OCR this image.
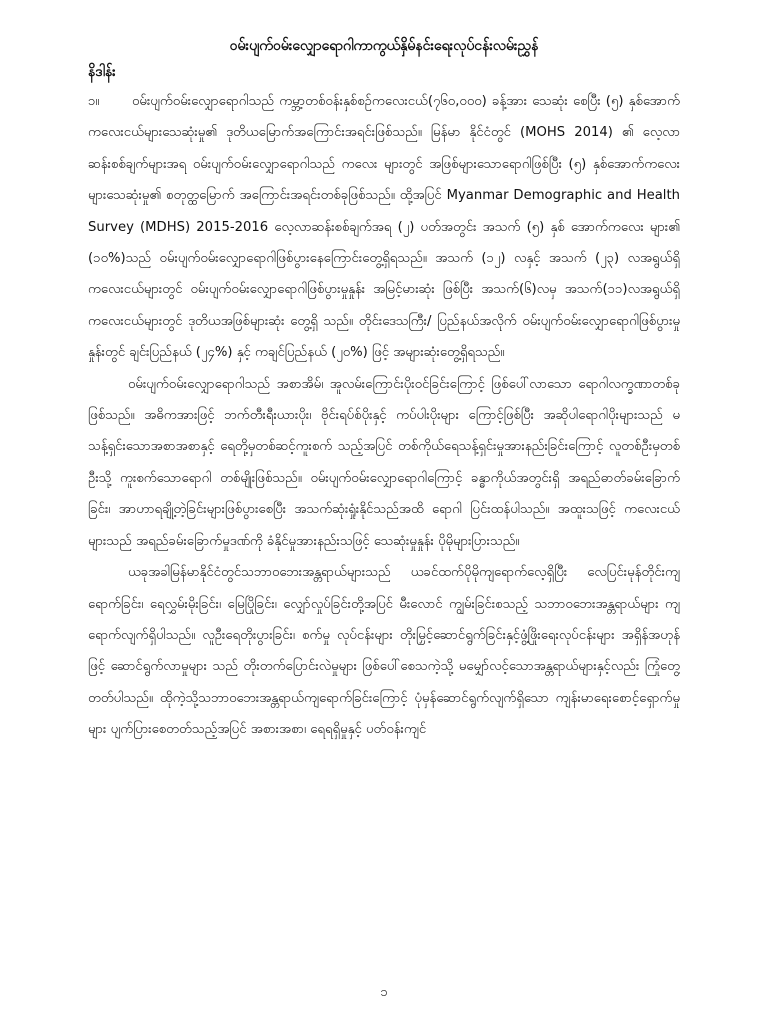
ဝမ်းပျက်ဝမ်းလျှောရောဂါကာကွယ်နှိမ်နင်းရေးလုပ်ငန်းလမ်းညွှန်
နိဒါန်း

၁။ ဝမ်းပျက်ဝမ်းလျှောရောဂါသည် ကမ္ဘာ့တစ်ဝန်းနှစ်စဉ်ကလေးငယ်(၇၆၀,၀၀၀) ခန့်အား သေဆုံး စေပြီး (၅) နှစ်အောက်ကလေးငယ်များသေဆုံးမှု၏ ဒုတိယမြောက်အကြောင်းအရင်းဖြစ်သည်။ မြန်မာ နိုင်ငံတွင် (MOHS 2014) ၏ လေ့လာဆန်းစစ်ချက်များအရ ဝမ်းပျက်ဝမ်းလျှောရောဂါသည် ကလေး များတွင် အဖြစ်များသောရောဂါဖြစ်ပြီး (၅) နှစ်အောက်ကလေးများသေဆုံးမှု၏ စတုတ္ထမြောက် အကြောင်းအရင်းတစ်ခုဖြစ်သည်။ ထို့အပြင် Myanmar Demographic and Health Survey (MDHS) 2015-2016 လေ့လာဆန်းစစ်ချက်အရ (၂) ပတ်အတွင်း အသက် (၅) နှစ် အောက်ကလေး များ၏ (၁၀%)သည် ဝမ်းပျက်ဝမ်းလျှောရောဂါဖြစ်ပွားနေကြောင်းတွေ့ရှိရသည်။ အသက် (၁၂) လနှင့် အသက် (၂၃) လအရွယ်ရှိကလေးငယ်များတွင် ဝမ်းပျက်ဝမ်းလျှောရောဂါဖြစ်ပွားမှုနှုန်း အမြင့်မားဆုံး ဖြစ်ပြီး အသက်(၆)လမှ အသက်(၁၁)လအရွယ်ရှိကလေးငယ်များတွင် ဒုတိယအဖြစ်များဆုံး တွေ့ရှိ သည်။ တိုင်းဒေသကြီး/ ပြည်နယ်အလိုက် ဝမ်းပျက်ဝမ်းလျှောရောဂါဖြစ်ပွားမှုနှုန်းတွင် ချင်းပြည်နယ် (၂၄%) နှင့် ကချင်ပြည်နယ် (၂၀%) ဖြင့် အများဆုံးတွေ့ရှိရသည်။

ဝမ်းပျက်ဝမ်းလျှောရောဂါသည် အစာအိမ်၊ အူလမ်းကြောင်းပိုးဝင်ခြင်းကြောင့် ဖြစ်ပေါ်လာသော ရောဂါလက္ခဏာတစ်ခုဖြစ်သည်။ အဓိကအားဖြင့် ဘက်တီးရီးယားပိုး၊ ဗိုင်းရပ်စ်ပိုးနှင့် ကပ်ပါးပိုးများ ကြောင့်ဖြစ်ပြီး အဆိုပါရောဂါပိုးများသည် မသန့်ရှင်းသောအစာအစာနှင့် ရေတို့မှတစ်ဆင့်ကူးစက် သည့်အပြင် တစ်ကိုယ်ရေသန့်ရှင်းမှုအားနည်းခြင်းကြောင့် လူတစ်ဦးမှတစ်ဦးသို့ ကူးစက်သောရောဂါ တစ်မျိုးဖြစ်သည်။ ဝမ်းပျက်ဝမ်းလျှောရောဂါကြောင့် ခန္ဓာကိုယ်အတွင်းရှိ အရည်ဓာတ်ခမ်းခြောက် ခြင်း၊ အာဟာရချို့တဲ့ခြင်းများဖြစ်ပွားစေပြီး အသက်ဆုံးရှုံးနိုင်သည်အထိ ရောဂါ ပြင်းထန်ပါသည်။ အထူးသဖြင့် ကလေးငယ်များသည် အရည်ခမ်းခြောက်မှုဒဏ်ကို ခံနိုင်မှုအားနည်းသဖြင့် သေဆုံးမှုနှုန်း ပိုမိုများပြားသည်။

ယခုအခါမြန်မာနိုင်ငံတွင်သဘာဝဘေးအန္တရာယ်များသည် ယခင်ထက်ပိုမိုကျရောက်လေ့ရှိပြီး လေပြင်းမုန်တိုင်းကျရောက်ခြင်း၊ ရေလွှမ်းမိုးခြင်း၊ မြေပြိုခြင်း၊ လျှော်လှုပ်ခြင်းတို့အပြင် မီးလောင် ကျွမ်းခြင်းစသည့် သဘာဝဘေးအန္တရာယ်များ ကျရောက်လျက်ရှိပါသည်။ လူဦးရေတိုးပွားခြင်း၊ စက်မှု လုပ်ငန်းများ တိုးမြှင့်ဆောင်ရွက်ခြင်းနှင့်ဖွံ့ဖြိုးရေးလုပ်ငန်းများ အရှိန်အဟုန်ဖြင့် ဆောင်ရွက်လာမှုများ သည် တိုးတက်ပြောင်းလဲမှုများ ဖြစ်ပေါ်စေသကဲ့သို့ မမျှော်လင့်သောအန္တရာယ်များနှင့်လည်း ကြုံတွေ့ တတ်ပါသည်။ ထိုကဲ့သို့သဘာဝဘေးအန္တရာယ်ကျရောက်ခြင်းကြောင့် ပုံမှန်ဆောင်ရွက်လျက်ရှိသော ကျန်းမာရေးစောင့်ရှောက်မှုများ ပျက်ပြားစေတတ်သည့်အပြင် အစားအစာ၊ ရေရရှိမှုနှင့် ပတ်ဝန်းကျင်

၁
